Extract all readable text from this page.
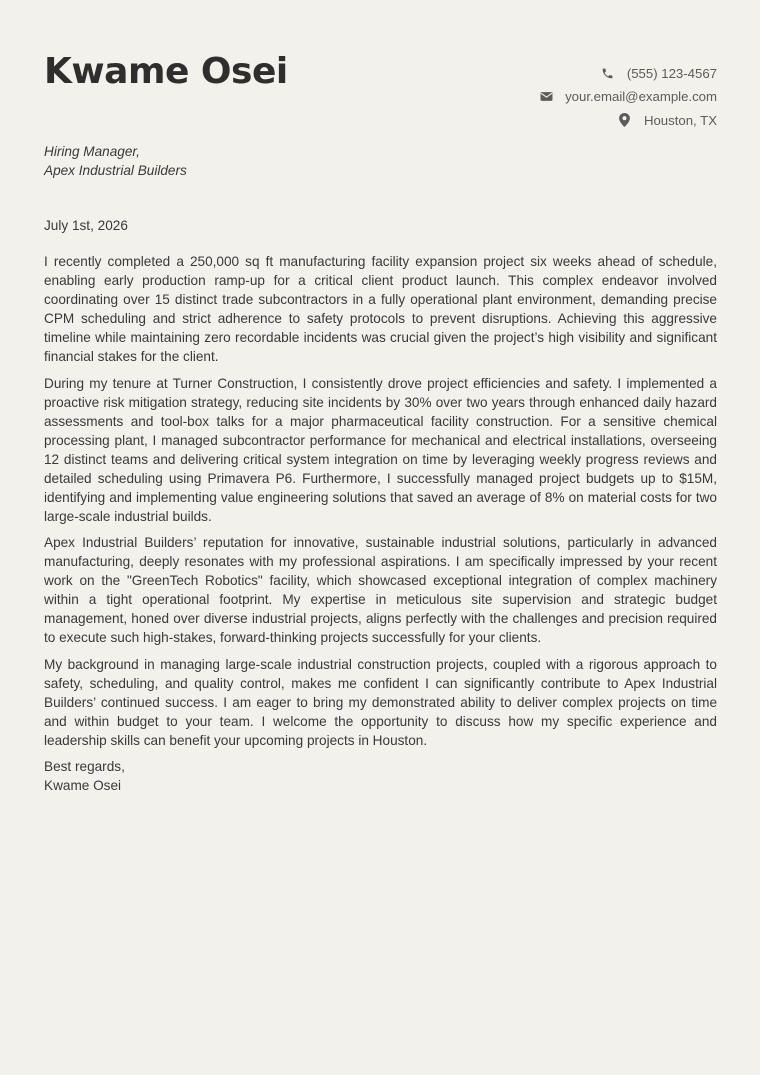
Kwame Osei	(555) 123-4567
your.email@example.com
Houston, TX
Hiring Manager,
Apex Industrial Builders
July 1st, 2026

I recently completed a 250,000 sq ft manufacturing facility expansion project six weeks ahead of schedule, enabling early production ramp-up for a critical client product launch. This complex endeavor involved coordinating over 15 distinct trade subcontractors in a fully operational plant environment, demanding precise CPM scheduling and strict adherence to safety protocols to prevent disruptions. Achieving this aggressive timeline while maintaining zero recordable incidents was crucial given the project’s high visibility and significant financial stakes for the client.

During my tenure at Turner Construction, I consistently drove project efficiencies and safety. I implemented a proactive risk mitigation strategy, reducing site incidents by 30% over two years through enhanced daily hazard assessments and tool-box talks for a major pharmaceutical facility construction. For a sensitive chemical processing plant, I managed subcontractor performance for mechanical and electrical installations, overseeing 12 distinct teams and delivering critical system integration on time by leveraging weekly progress reviews and detailed scheduling using Primavera P6. Furthermore, I successfully managed project budgets up to $15M, identifying and implementing value engineering solutions that saved an average of 8% on material costs for two large-scale industrial builds.

Apex Industrial Builders’ reputation for innovative, sustainable industrial solutions, particularly in advanced manufacturing, deeply resonates with my professional aspirations. I am specifically impressed by your recent work on the "GreenTech Robotics" facility, which showcased exceptional integration of complex machinery within a tight operational footprint. My expertise in meticulous site supervision and strategic budget management, honed over diverse industrial projects, aligns perfectly with the challenges and precision required to execute such high-stakes, forward-thinking projects successfully for your clients.

My background in managing large-scale industrial construction projects, coupled with a rigorous approach to safety, scheduling, and quality control, makes me confident I can significantly contribute to Apex Industrial Builders’ continued success. I am eager to bring my demonstrated ability to deliver complex projects on time and within budget to your team. I welcome the opportunity to discuss how my specific experience and leadership skills can benefit your upcoming projects in Houston.

Best regards,
Kwame Osei
